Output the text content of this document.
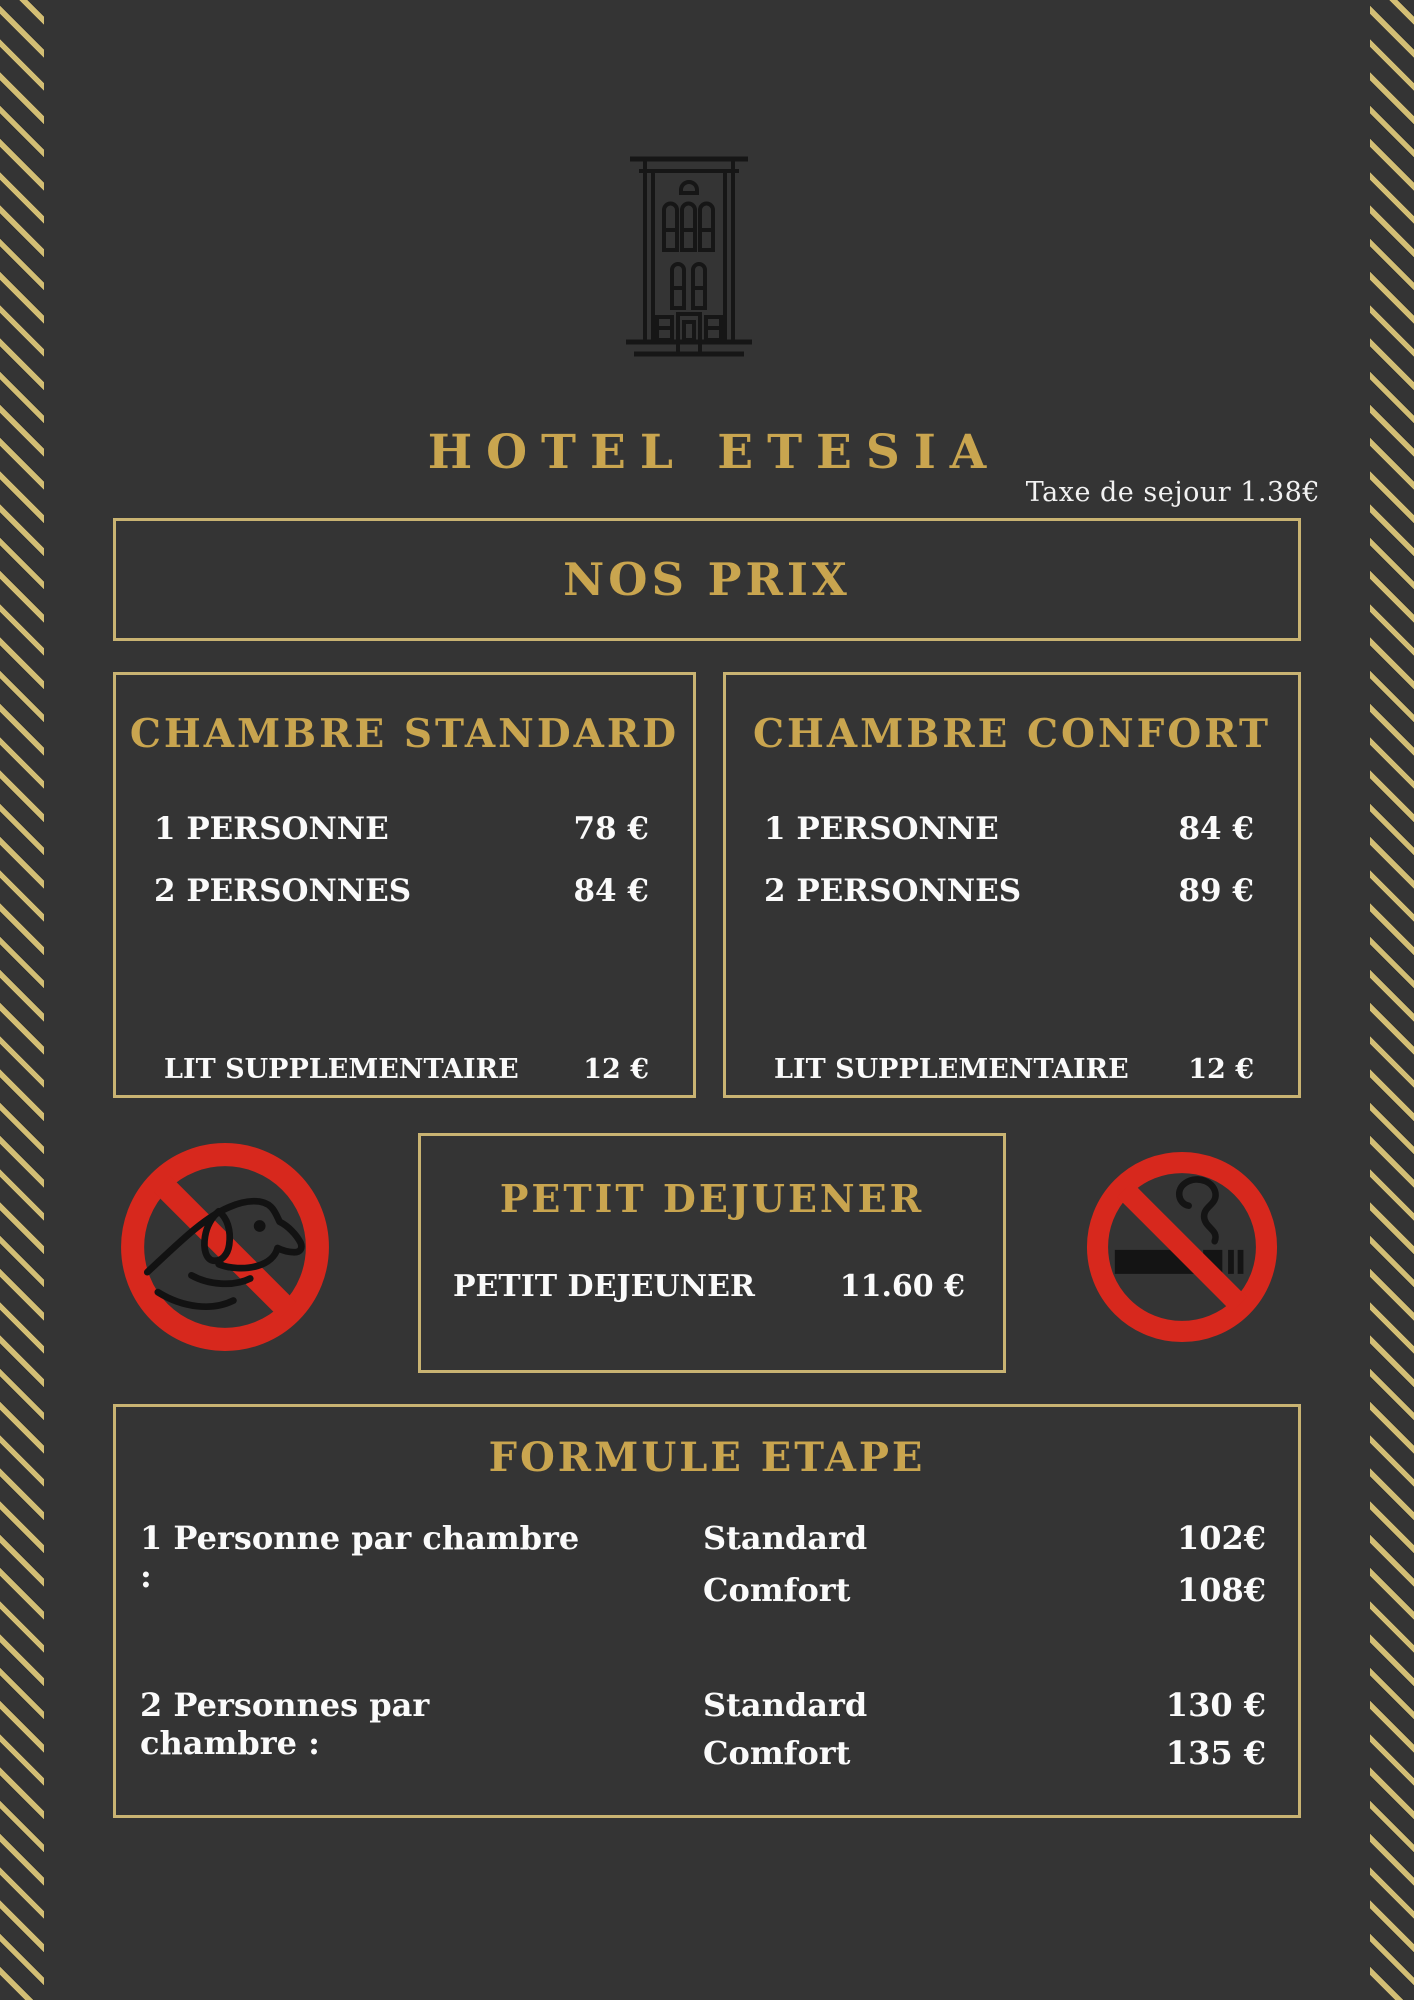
HOTEL ETESIA
Taxe de sejour 1.38€
NOS PRIX
CHAMBRE STANDARD
1 PERSONNE	78 €
2 PERSONNES	84 €
LIT SUPPLEMENTAIRE 12 €
CHAMBRE CONFORT
1 PERSONNE	84 €
2 PERSONNES	89 €
LIT SUPPLEMENTAIRE 12 €
PETIT DEJUENER
PETIT DEJEUNER	11.60 €
FORMULE ETAPE
1 Personne par chambre :
Standard	102€
Comfort	108€
2 Personnes par chambre :
Standard	130 €
Comfort	135 €
